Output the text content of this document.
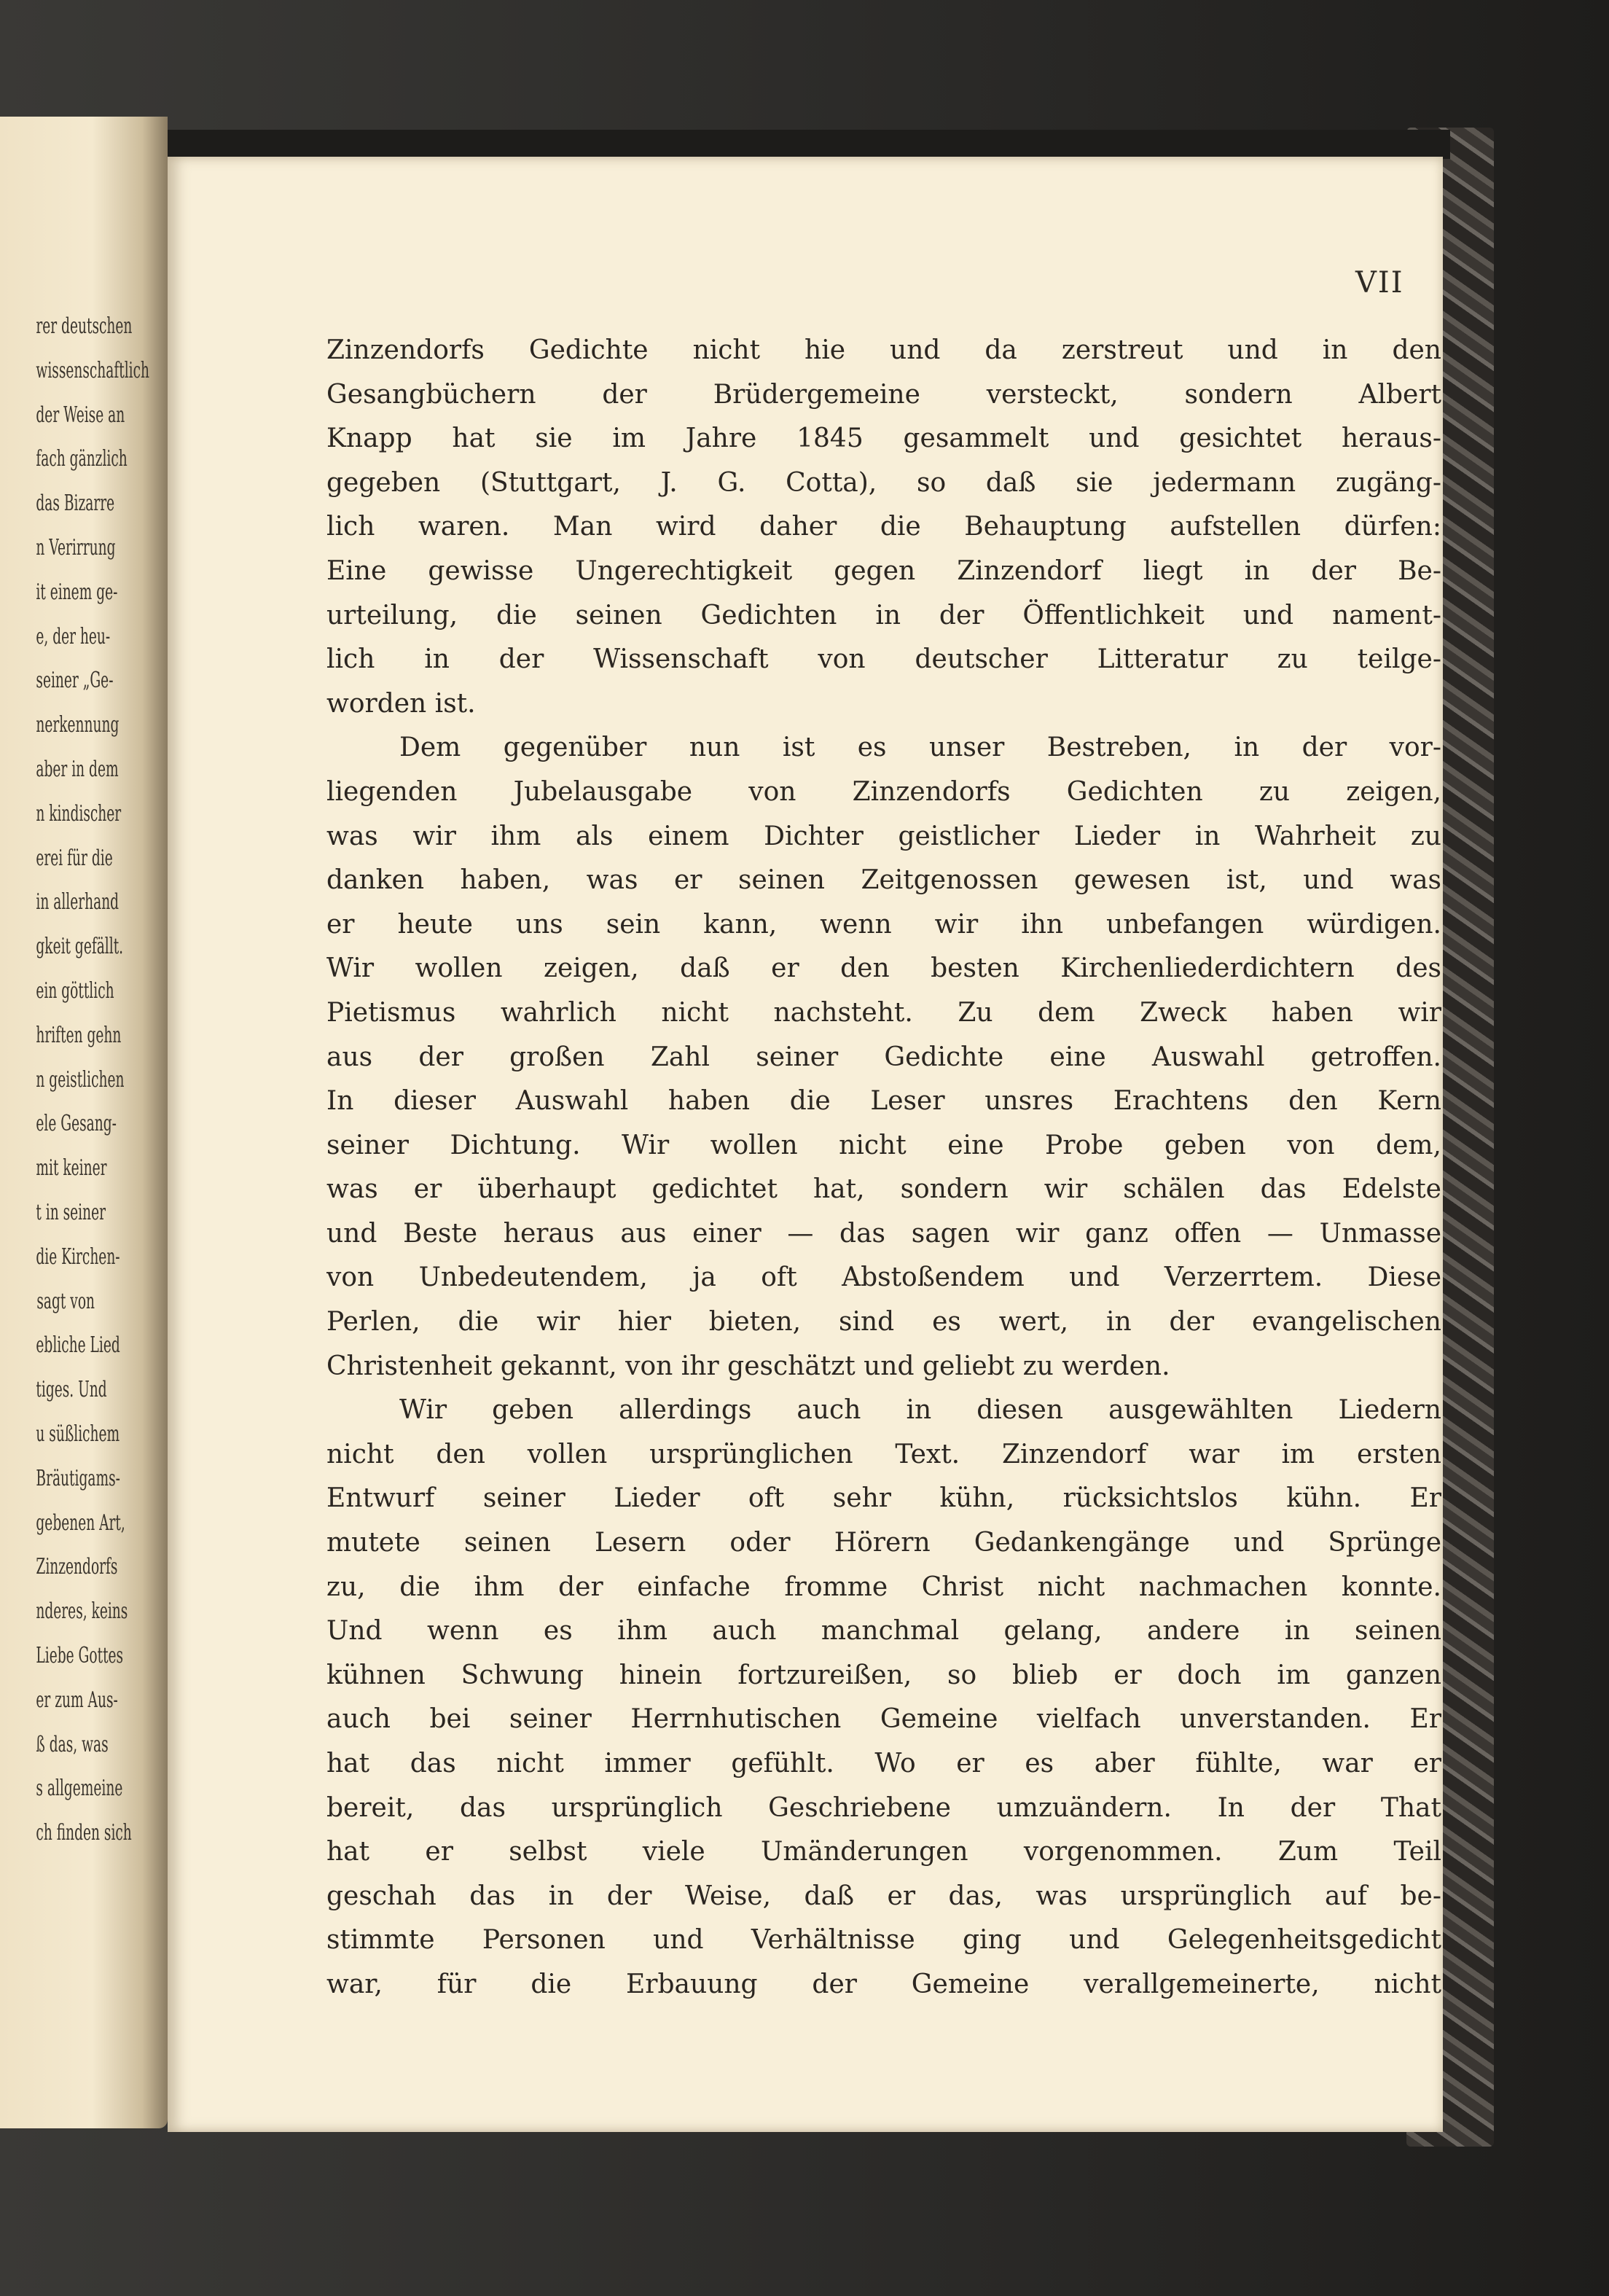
rer deutschen
wissenschaftlich
der Weise an
fach gänzlich
das Bizarre
n Verirrung
it einem ge-
e, der heu-
seiner „Ge-
nerkennung
aber in dem
n kindischer
erei für die
in allerhand
gkeit gefällt.
ein göttlich
hriften gehn
n geistlichen
ele Gesang-
mit keiner
t in seiner
die Kirchen-
sagt von
ebliche Lied
tiges. Und
u süßlichem
Bräutigams-
gebenen Art,
Zinzendorfs
nderes, keins
Liebe Gottes
er zum Aus-
ß das, was
s allgemeine
ch finden sich
VII
Zinzendorfs Gedichte nicht hie und da zerstreut und in den
Gesangbüchern der Brüdergemeine versteckt, sondern Albert
Knapp hat sie im Jahre 1845 gesammelt und gesichtet heraus-
gegeben (Stuttgart, J. G. Cotta), so daß sie jedermann zugäng-
lich waren. Man wird daher die Behauptung aufstellen dürfen:
Eine gewisse Ungerechtigkeit gegen Zinzendorf liegt in der Be-
urteilung, die seinen Gedichten in der Öffentlichkeit und nament-
lich in der Wissenschaft von deutscher Litteratur zu teilge-
worden ist.
Dem gegenüber nun ist es unser Bestreben, in der vor-
liegenden Jubelausgabe von Zinzendorfs Gedichten zu zeigen,
was wir ihm als einem Dichter geistlicher Lieder in Wahrheit zu
danken haben, was er seinen Zeitgenossen gewesen ist, und was
er heute uns sein kann, wenn wir ihn unbefangen würdigen.
Wir wollen zeigen, daß er den besten Kirchenliederdichtern des
Pietismus wahrlich nicht nachsteht. Zu dem Zweck haben wir
aus der großen Zahl seiner Gedichte eine Auswahl getroffen.
In dieser Auswahl haben die Leser unsres Erachtens den Kern
seiner Dichtung. Wir wollen nicht eine Probe geben von dem,
was er überhaupt gedichtet hat, sondern wir schälen das Edelste
und Beste heraus aus einer — das sagen wir ganz offen — Unmasse
von Unbedeutendem, ja oft Abstoßendem und Verzerrtem. Diese
Perlen, die wir hier bieten, sind es wert, in der evangelischen
Christenheit gekannt, von ihr geschätzt und geliebt zu werden.
Wir geben allerdings auch in diesen ausgewählten Liedern
nicht den vollen ursprünglichen Text. Zinzendorf war im ersten
Entwurf seiner Lieder oft sehr kühn, rücksichtslos kühn. Er
mutete seinen Lesern oder Hörern Gedankengänge und Sprünge
zu, die ihm der einfache fromme Christ nicht nachmachen konnte.
Und wenn es ihm auch manchmal gelang, andere in seinen
kühnen Schwung hinein fortzureißen, so blieb er doch im ganzen
auch bei seiner Herrnhutischen Gemeine vielfach unverstanden. Er
hat das nicht immer gefühlt. Wo er es aber fühlte, war er
bereit, das ursprünglich Geschriebene umzuändern. In der That
hat er selbst viele Umänderungen vorgenommen. Zum Teil
geschah das in der Weise, daß er das, was ursprünglich auf be-
stimmte Personen und Verhältnisse ging und Gelegenheitsgedicht
war, für die Erbauung der Gemeine verallgemeinerte, nicht
